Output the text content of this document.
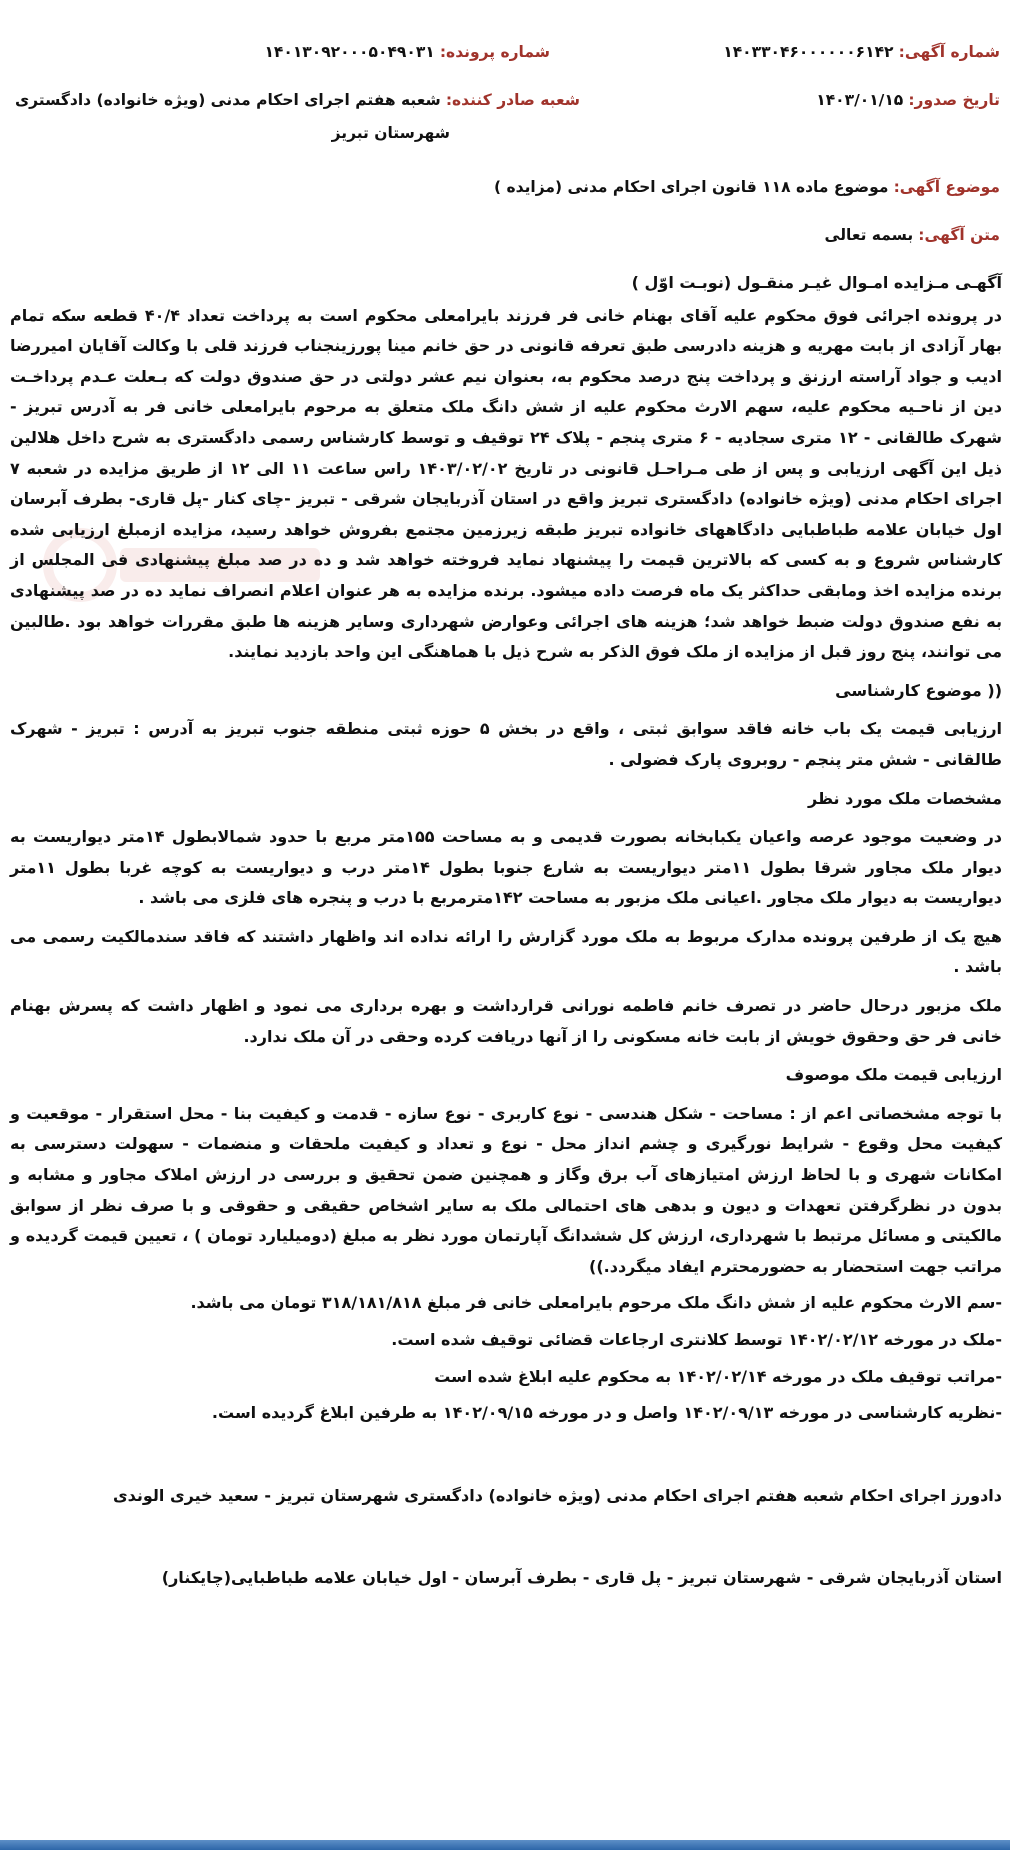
شماره آگهی: ۱۴۰۳۳۰۴۶۰۰۰۰۰۰۶۱۴۲
شماره پرونده: ۱۴۰۱۳۰۹۲۰۰۰۵۰۴۹۰۳۱
تاریخ صدور: ۱۴۰۳/۰۱/۱۵
شعبه صادر کننده: شعبه هفتم اجرای احکام مدنی (ویژه خانواده) دادگستری
شهرستان تبریز
موضوع آگهی: موضوع ماده ۱۱۸ قانون اجرای احکام مدنی (مزایده )
متن آگهی: بسمه تعالی

آگهـی مـزایده امـوال غیـر منقـول (نوبـت اوّل )

در پرونده اجرائی فوق محکوم علیه آقای بهنام خانی فر فرزند بایرامعلی محکوم است به پرداخت تعداد ۴۰/۴ قطعه سکه تمام بهار آزادی از بابت مهریه و هزینه دادرسی طبق تعرفه قانونی در حق خانم مینا پورزینجناب فرزند قلی با وکالت آقایان امیررضا ادیب و جواد آراسته ارزنق و پرداخت پنج درصد محکوم به، بعنوان نیم عشر دولتی در حق صندوق دولت که بـعلت عـدم پرداخـت دین از ناحـیه محکوم علیه، سهم الارث محکوم علیه از شش دانگ ملک متعلق به مرحوم بایرامعلی خانی فر به آدرس تبریز - شهرک طالقانی - ۱۲ متری سجادیه - ۶ متری پنجم - پلاک ۲۴ توقیف و توسط کارشناس رسمی دادگستری به شرح داخل هلالین ذیل این آگهی ارزیابی و پس از طی مـراحـل قانونی در تاریخ ۱۴۰۳/۰۲/۰۲ راس ساعت ۱۱ الی ۱۲ از طریق مزایده در شعبه ۷ اجرای احکام مدنی (ویژه خانواده) دادگستری تبریز واقع در استان آذربایجان شرقی - تبریز -چای کنار -پل قاری- بطرف آبرسان اول خیابان علامه طباطبایی دادگاههای خانواده تبریز طبقه زیرزمین مجتمع بفروش خواهد رسید، مزایده ازمبلغ ارزیابی شده کارشناس شروع و به کسی که بالاترین قیمت را پیشنهاد نماید فروخته خواهد شد و ده در صد مبلغ پیشنهادی فی المجلس از برنده مزایده اخذ ومابقی حداکثر یک ماه فرصت داده میشود. برنده مزایده به هر عنوان اعلام انصراف نماید ده در صد پیشنهادی به نفع صندوق دولت ضبط خواهد شد؛ هزینه های اجرائی وعوارض شهرداری وسایر هزینه ها طبق مقررات خواهد بود .طالبین می توانند، پنج روز قبل از مزایده از ملک فوق الذکر به شرح ذیل با هماهنگی این واحد بازدید نمایند.

(( موضوع کارشناسی

ارزیابی قیمت یک باب خانه فاقد سوابق ثبتی ، واقع در بخش ۵ حوزه ثبتی منطقه جنوب تبریز به آدرس : تبریز - شهرک طالقانی - شش متر پنجم - روبروی پارک فضولی .

مشخصات ملک مورد نظر

در وضعیت موجود عرصه واعیان یکبابخانه بصورت قدیمی و به مساحت ۱۵۵متر مربع با حدود شمالابطول ۱۴متر دیواریست به دیوار ملک مجاور شرقا بطول ۱۱متر دیواریست به شارع جنوبا بطول ۱۴متر درب و دیواریست به کوچه غربا بطول ۱۱متر دیواریست به دیوار ملک مجاور .اعیانی ملک مزبور به مساحت ۱۴۲مترمربع با درب و پنجره های فلزی می باشد .

هیچ یک از طرفین پرونده مدارک مربوط به ملک مورد گزارش را ارائه نداده اند واظهار داشتند که فاقد سندمالکیت رسمی می باشد .

ملک مزبور درحال حاضر در تصرف خانم فاطمه نورانی قرارداشت و بهره برداری می نمود و اظهار داشت که پسرش بهنام خانی فر حق وحقوق خویش از بابت خانه مسکونی را از آنها دریافت کرده وحقی در آن ملک ندارد.

ارزیابی قیمت ملک موصوف

با توجه مشخصاتی اعم از : مساحت - شکل هندسی - نوع کاربری - نوع سازه - قدمت و کیفیت بنا - محل استقرار - موقعیت و کیفیت محل وقوع - شرایط نورگیری و چشم انداز محل - نوع و تعداد و کیفیت ملحقات و منضمات - سهولت دسترسی به امکانات شهری و با لحاظ ارزش امتیازهای آب برق وگاز و همچنین ضمن تحقیق و بررسی در ارزش املاک مجاور و مشابه و بدون در نظرگرفتن تعهدات و دیون و بدهی های احتمالی ملک به سایر اشخاص حقیقی و حقوقی و با صرف نظر از سوابق مالکیتی و مسائل مرتبط با شهرداری، ارزش کل ششدانگ آپارتمان مورد نظر به مبلغ (دومیلیارد تومان ) ، تعیین قیمت گردیده و مراتب جهت استحضار به حضورمحترم ایفاد میگردد.))

-سم الارث محکوم علیه از شش دانگ ملک مرحوم بایرامعلی خانی فر مبلغ ۳۱۸/۱۸۱/۸۱۸ تومان می باشد.

-ملک در مورخه ۱۴۰۲/۰۲/۱۲ توسط کلانتری ارجاعات قضائی توقیف شده است.

-مراتب توقیف ملک در مورخه ۱۴۰۲/۰۲/۱۴ به محکوم علیه ابلاغ شده است

-نظریه کارشناسی در مورخه ۱۴۰۲/۰۹/۱۳ واصل و در مورخه ۱۴۰۲/۰۹/۱۵ به طرفین ابلاغ گردیده است.

دادورز اجرای احکام شعبه هفتم اجرای احکام مدنی (ویژه خانواده) دادگستری شهرستان تبریز - سعید خیری الوندی

استان آذربایجان شرقی - شهرستان تبریز - پل قاری - بطرف آبرسان - اول خیابان علامه طباطبایی(چایکنار)
